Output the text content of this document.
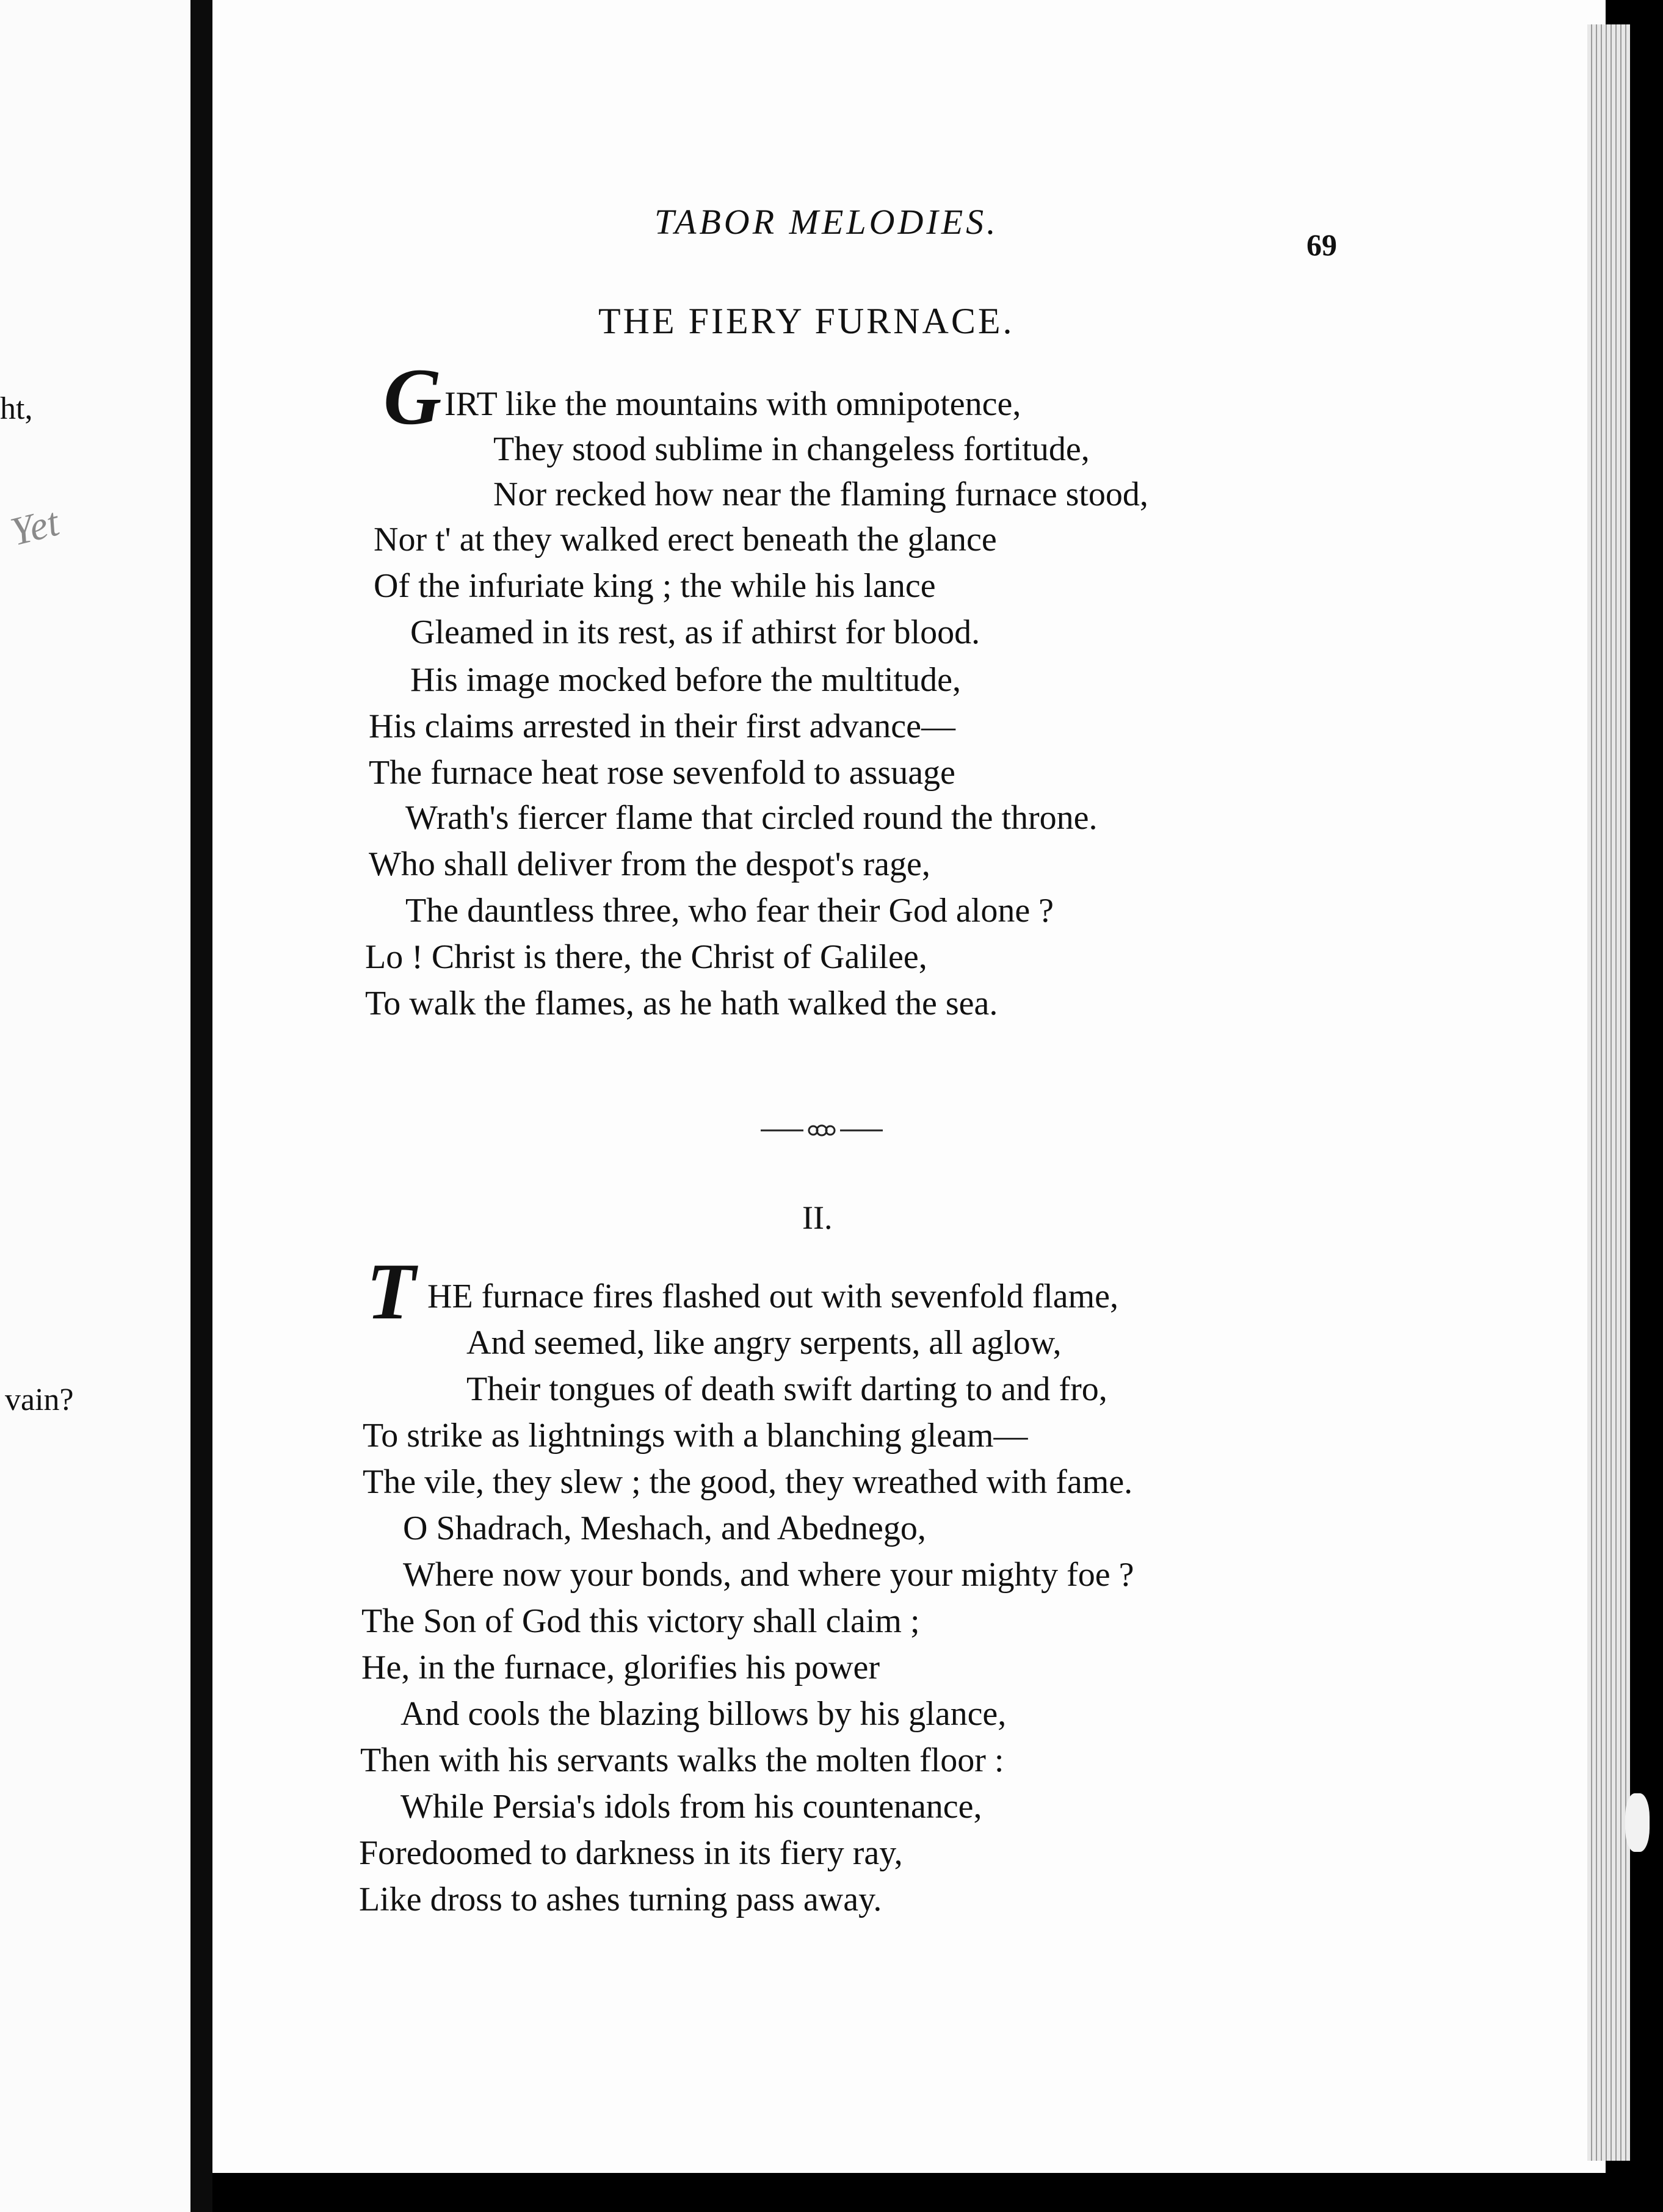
ht,
Yet
vain?
TABOR MELODIES.
69
THE FIERY FURNACE.
G IRT like the mountains with omnipotence,
They stood sublime in changeless fortitude,
Nor recked how near the flaming furnace stood,
Nor t' at they walked erect beneath the glance
Of the infuriate king ; the while his lance
Gleamed in its rest, as if athirst for blood.
His image mocked before the multitude,
His claims arrested in their first advance—
The furnace heat rose sevenfold to assuage
Wrath's fiercer flame that circled round the throne.
Who shall deliver from the despot's rage,
The dauntless three, who fear their God alone ?
Lo ! Christ is there, the Christ of Galilee,
To walk the flames, as he hath walked the sea.
II.
T HE furnace fires flashed out with sevenfold flame,
And seemed, like angry serpents, all aglow,
Their tongues of death swift darting to and fro,
To strike as lightnings with a blanching gleam—
The vile, they slew ; the good, they wreathed with fame.
O Shadrach, Meshach, and Abednego,
Where now your bonds, and where your mighty foe ?
The Son of God this victory shall claim ;
He, in the furnace, glorifies his power
And cools the blazing billows by his glance,
Then with his servants walks the molten floor :
While Persia's idols from his countenance,
Foredoomed to darkness in its fiery ray,
Like dross to ashes turning pass away.
